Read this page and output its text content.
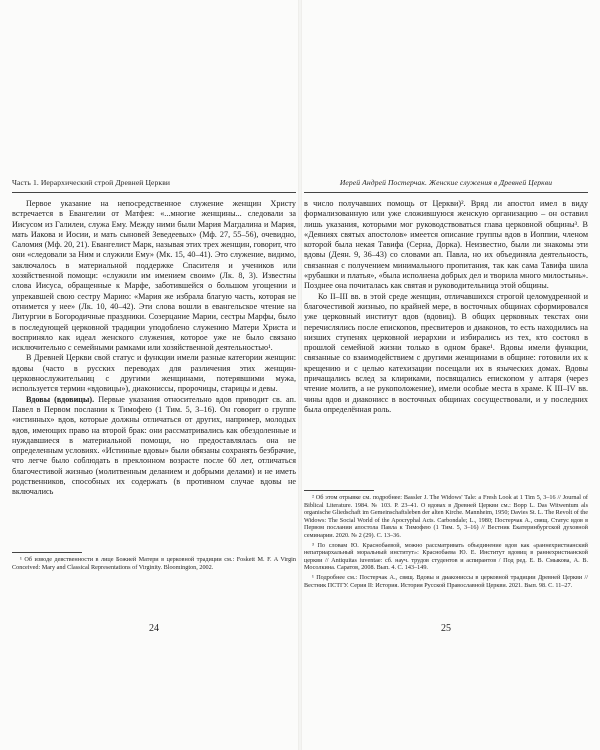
Часть 1. Иерархический строй Древней Церкви

Первое указание на непосредственное служение женщин Христу встречается в Евангелии от Матфея: «...многие женщины... следовали за Иисусом из Галилеи, служа Ему. Между ними были Мария Магдалина и Мария, мать Иакова и Иосии, и мать сыновей Зеведеевых» (Мф. 27, 55–56), очевидно, Саломия (Мф. 20, 21). Евангелист Марк, называя этих трех женщин, говорит, что они «следовали за Ним и служили Ему» (Мк. 15, 40–41). Это служение, видимо, заключалось в материальной поддержке Спасителя и учеников или хозяйственной помощи: «служили им имением своим» (Лк. 8, 3). Известны слова Иисуса, обращенные к Марфе, заботившейся о большом угощении и упрекавшей свою сестру Марию: «Мария же избрала благую часть, которая не отнимется у нее» (Лк. 10, 40–42). Эти слова вошли в евангельское чтение на Литургии в Богородичные праздники. Созерцание Марии, сестры Марфы, было в последующей церковной традиции уподоблено служению Матери Христа и восприняло как идеал женского служения, которое уже не было связано исключительно с семейными рамками или хозяйственной деятельностью¹.

В Древней Церкви свой статус и функции имели разные категории женщин: вдовы (часто в русских переводах для различения этих женщин-церковнослужительниц с другими женщинами, потерявшими мужа, используется термин «вдовицы»), диакониссы, пророчицы, старицы и девы.

Вдовы (вдовицы). Первые указания относительно вдов приводит св. ап. Павел в Первом послании к Тимофею (1 Тим. 5, 3–16). Он говорит о группе «истинных» вдов, которые должны отличаться от других, например, молодых вдов, имеющих право на второй брак: они рассматривались как обездоленные и нуждавшиеся в материальной помощи, но предоставлялась она не определенным условиях. «Истинные вдовы» были обязаны сохранять безбрачие, что легче было соблюдать в преклонном возрасте после 60 лет, отличаться благочестивой жизнью (молитвенным деланием и добрыми делами) и не иметь родственников, способных их содержать (в противном случае вдовы не включались

¹ Об изводе девственности в лице Божией Матери в церковной традиции см.: Foskett M. F. A Virgin Conceived: Mary and Classical Representations of Virginity. Bloomington, 2002.

24
Иерей Андрей Постерчак. Женские служения в Древней Церкви

в число получавших помощь от Церкви)². Вряд ли апостол имел в виду формализованную или уже сложившуюся женскую организацию – он оставил лишь указания, которыми мог руководствоваться глава церковной общины³. В «Деяниях святых апостолов» имеется описание группы вдов в Иоппии, членом которой была некая Тавифа (Серна, Дорка). Неизвестно, были ли знакомы эти вдовы (Деян. 9, 36–43) со словами ап. Павла, но их объединяла деятельность, связанная с получением минимального пропитания, так как сама Тавифа шила «рубашки и платья», «была исполнена добрых дел и творила много милостынь». Позднее она почиталась как святая и руководительница этой общины.

Ко II–III вв. в этой среде женщин, отличавшихся строгой целомудренной и благочестивой жизнью, по крайней мере, в восточных общинах сформировался уже церковный институт вдов (вдовиц). В общих церковных текстах они перечислялись после епископов, пресвитеров и диаконов, то есть находились на низших ступенях церковной иерархии и избирались из тех, кто состоял в прошлой семейной жизни только в одном браке¹. Вдовы имели функции, связанные со взаимодействием с другими женщинами в общине: готовили их к крещению и с целью катехизации посещали их в языческих домах. Вдовы причащались вслед за клириками, посвящались епископом у алтаря (через чтение молитв, а не рукоположение), имели особые места в храме. К III–IV вв. чины вдов и диаконисс в восточных общинах сосуществовали, и у последних была определённая роль.

² Об этом отрывке см. подробнее: Bassler J. The Widows' Tale: a Fresh Look at 1 Tim 5, 3–16 // Journal of Biblical Literature. 1984. № 103. P. 23–41. О вдовах в Древней Церкви см.: Bopp L. Das Witwentum als organische Gliedschaft im Gemeinschaftsleben der alten Kirche. Mannheim, 1950; Davies St. L. The Revolt of the Widows: The Social World of the Apocryphal Acts. Carbondale; L., 1980; Постерчак А., свящ. Статус вдов в Первом послании апостола Павла к Тимофею (1 Тим. 5, 3–16) // Вестник Екатеринбургской духовной семинарии. 2020. № 2 (29). С. 13–36.

³ По словам Ю. Краснобаевой, можно рассматривать объединение вдов как «раннехристианский непатриархальный моральный институт»: Краснобаева Ю. Е. Институт вдовиц в раннехристианской церкви // Antiquitas iuventae: сб. науч. трудов студентов и аспирантов / Под ред. Е. В. Смыкова, А. В. Мосолкина. Саратов, 2008. Вып. 4. С. 143–149.

¹ Подробнее см.: Постерчак А., свящ. Вдовы и диакониссы в церковной традиции Древней Церкви // Вестник ПСТГУ. Серия II: История. История Русской Православной Церкви. 2021. Вып. 98. С. 11–27.

25
